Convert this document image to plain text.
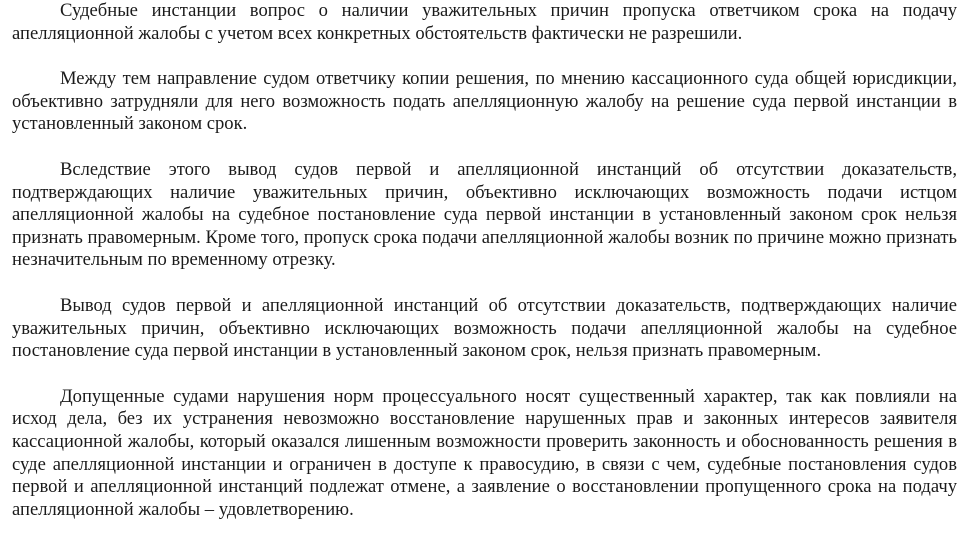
Судебные инстанции вопрос о наличии уважительных причин пропуска ответчиком срока на подачу апелляционной жалобы с учетом всех конкретных обстоятельств фактически не разрешили.

Между тем направление судом ответчику копии решения, по мнению кассационного суда общей юрисдикции, объективно затрудняли для него возможность подать апелляционную жалобу на решение суда первой инстанции в установленный законом срок.

Вследствие этого вывод судов первой и апелляционной инстанций об отсутствии доказательств, подтверждающих наличие уважительных причин, объективно исключающих возможность подачи истцом апелляционной жалобы на судебное постановление суда первой инстанции в установленный законом срок нельзя признать правомерным. Кроме того, пропуск срока подачи апелляционной жалобы возник по причине можно признать незначительным по временному отрезку.

Вывод судов первой и апелляционной инстанций об отсутствии доказательств, подтверждающих наличие уважительных причин, объективно исключающих возможность подачи апелляционной жалобы на судебное постановление суда первой инстанции в установленный законом срок, нельзя признать правомерным.

Допущенные судами нарушения норм процессуального носят существенный характер, так как повлияли на исход дела, без их устранения невозможно восстановление нарушенных прав и законных интересов заявителя кассационной жалобы, который оказался лишенным возможности проверить законность и обоснованность решения в суде апелляционной инстанции и ограничен в доступе к правосудию, в связи с чем, судебные постановления судов первой и апелляционной инстанций подлежат отмене, а заявление о восстановлении пропущенного срока на подачу апелляционной жалобы – удовлетворению.
